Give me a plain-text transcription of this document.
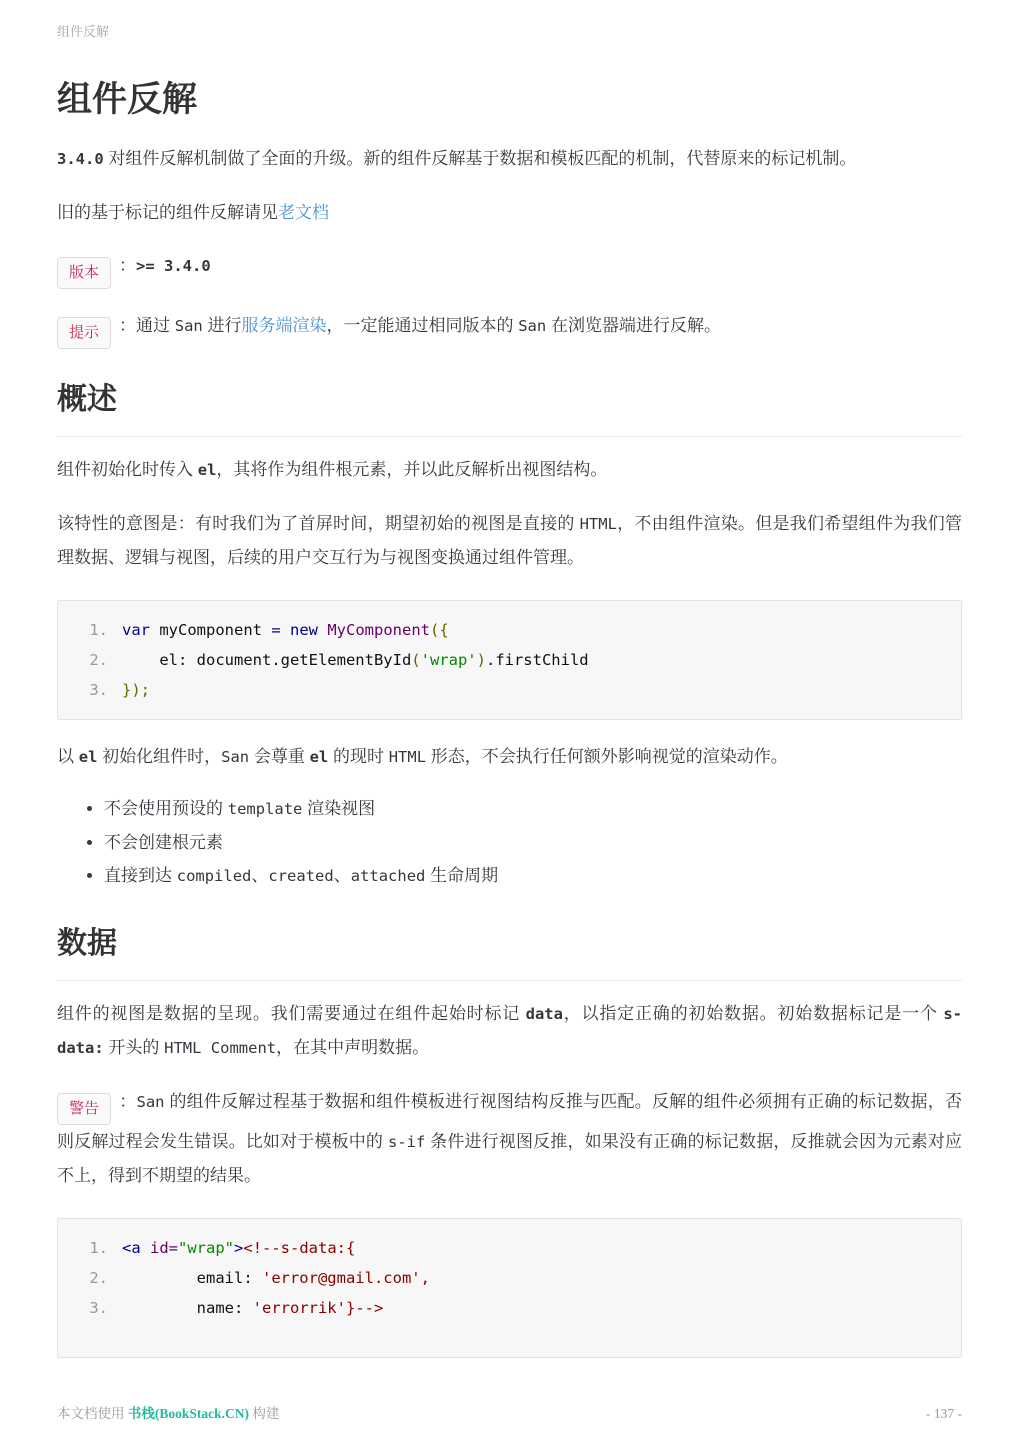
组件反解
组件反解

3.4.0 对组件反解机制做了全面的升级。新的组件反解基于数据和模板匹配的机制，代替原来的标记机制。

旧的基于标记的组件反解请见老文档

版本 ：>= 3.4.0

提示 ：通过 San 进行服务端渲染，一定能通过相同版本的 San 在浏览器端进行反解。

概述

组件初始化时传入 el，其将作为组件根元素，并以此反解析出视图结构。

该特性的意图是：有时我们为了首屏时间，期望初始的视图是直接的 HTML，不由组件渲染。但是我们希望组件为我们管理数据、逻辑与视图，后续的用户交互行为与视图变换通过组件管理。

1. var myComponent = new MyComponent({
2. el: document.getElementById('wrap').firstChild
3. });

以 el 初始化组件时，San 会尊重 el 的现时 HTML 形态，不会执行任何额外影响视觉的渲染动作。

• 不会使用预设的 template 渲染视图
• 不会创建根元素
• 直接到达 compiled、created、attached 生命周期
数据

组件的视图是数据的呈现。我们需要通过在组件起始时标记 data，以指定正确的初始数据。初始数据标记是一个 s-data: 开头的 HTML Comment，在其中声明数据。

警告 ：San 的组件反解过程基于数据和组件模板进行视图结构反推与匹配。反解的组件必须拥有正确的标记数据，否则反解过程会发生错误。比如对于模板中的 s-if 条件进行视图反推，如果没有正确的标记数据，反推就会因为元素对应不上，得到不期望的结果。

1. <a id="wrap"><!--s-data:{
2. email: 'error@gmail.com',
3. name: 'errorrik'}-->
本文档使用 书栈(BookStack.CN) 构建	- 137 -
